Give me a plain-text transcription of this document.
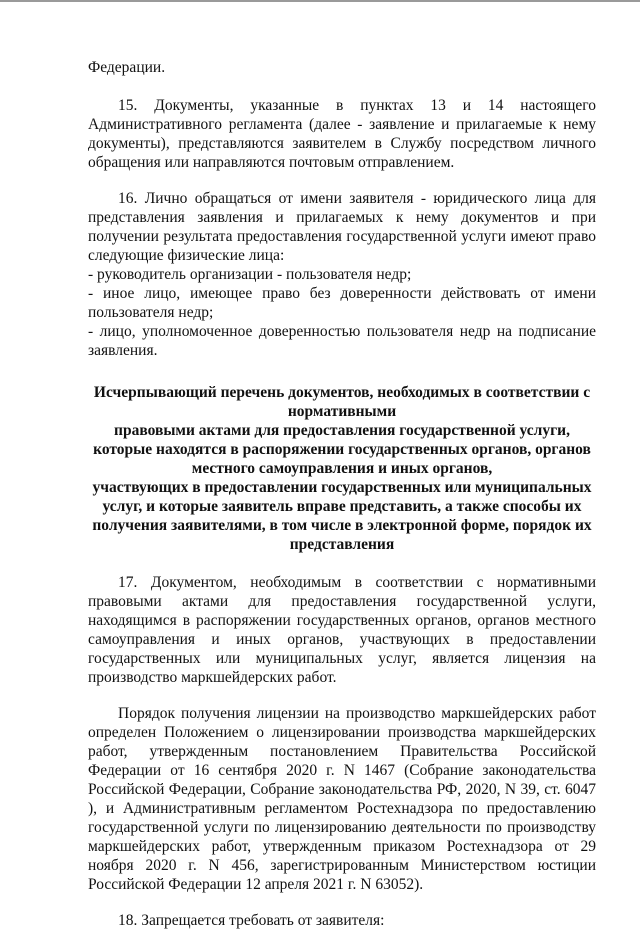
Федерации.

15. Документы, указанные в пунктах 13 и 14 настоящего Административного регламента (далее - заявление и прилагаемые к нему документы), представляются заявителем в Службу посредством личного обращения или направляются почтовым отправлением.

16. Лично обращаться от имени заявителя - юридического лица для представления заявления и прилагаемых к нему документов и при получении результата предоставления государственной услуги имеют право следующие физические лица:

- руководитель организации - пользователя недр;

- иное лицо, имеющее право без доверенности действовать от имени пользователя недр;

- лицо, уполномоченное доверенностью пользователя недр на подписание заявления.

Исчерпывающий перечень документов, необходимых в соответствии с нормативными
правовыми актами для предоставления государственной услуги,
которые находятся в распоряжении государственных органов, органов
местного самоуправления и иных органов,
участвующих в предоставлении государственных или муниципальных
услуг, и которые заявитель вправе представить, а также способы их
получения заявителями, в том числе в электронной форме, порядок их
представления

17. Документом, необходимым в соответствии с нормативными правовыми актами для предоставления государственной услуги, находящимся в распоряжении государственных органов, органов местного самоуправления и иных органов, участвующих в предоставлении государственных или муниципальных услуг, является лицензия на производство маркшейдерских работ.

Порядок получения лицензии на производство маркшейдерских работ определен Положением о лицензировании производства маркшейдерских работ, утвержденным постановлением Правительства Российской Федерации от 16 сентября 2020 г. N 1467 (Собрание законодательства Российской Федерации, Собрание законодательства РФ, 2020, N 39, ст. 6047 ), и Административным регламентом Ростехнадзора по предоставлению государственной услуги по лицензированию деятельности по производству маркшейдерских работ, утвержденным приказом Ростехнадзора от 29 ноября 2020 г. N 456, зарегистрированным Министерством юстиции Российской Федерации 12 апреля 2021 г. N 63052).

18. Запрещается требовать от заявителя:
